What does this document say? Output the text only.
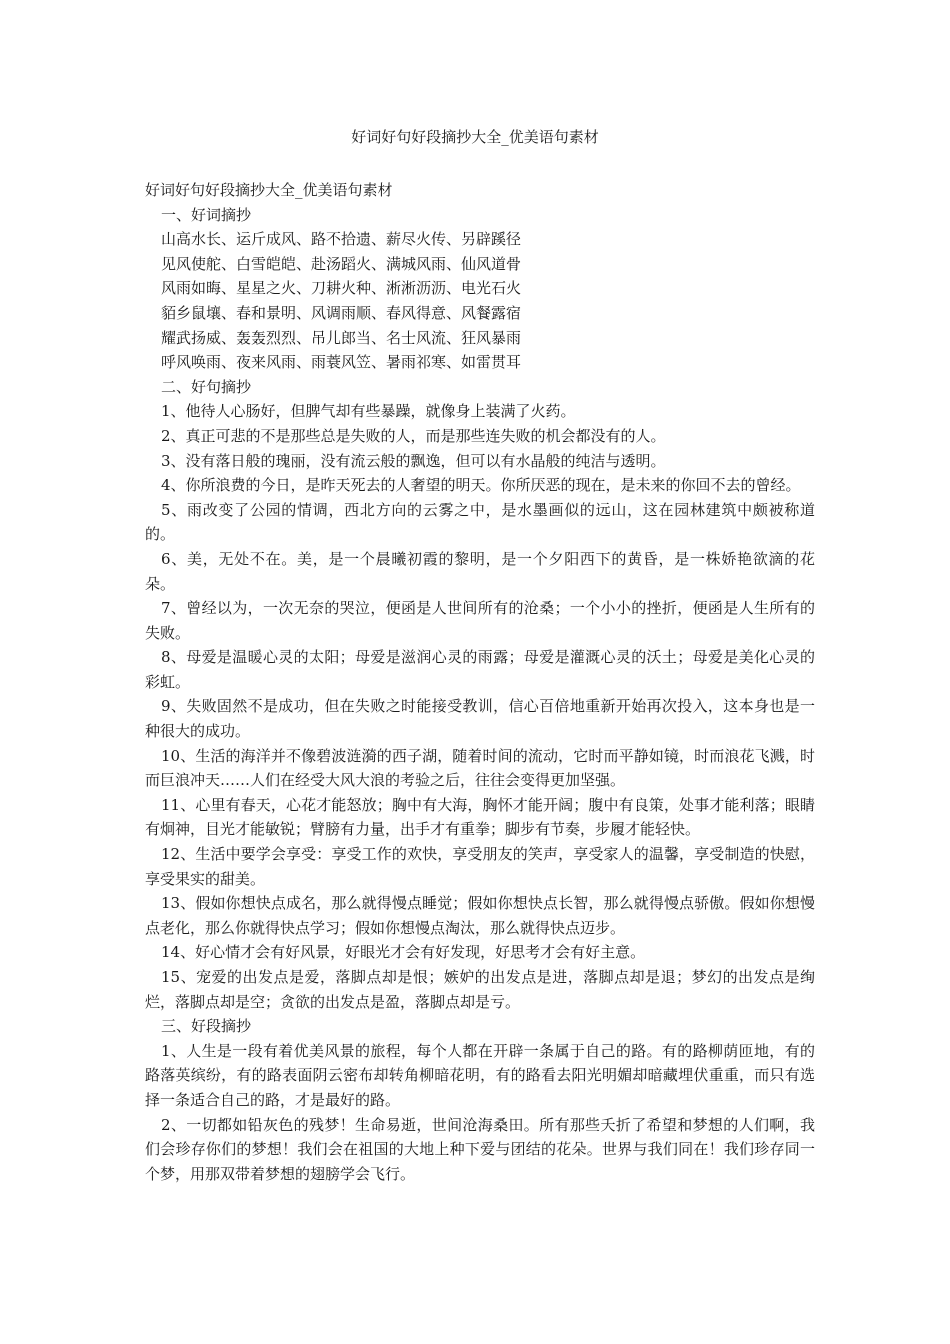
好词好句好段摘抄大全_优美语句素材

好词好句好段摘抄大全_优美语句素材

一、好词摘抄

山高水长、运斤成风、路不拾遗、薪尽火传、另辟蹊径

见风使舵、白雪皑皑、赴汤蹈火、满城风雨、仙风道骨

风雨如晦、星星之火、刀耕火种、淅淅沥沥、电光石火

貊乡鼠壤、春和景明、风调雨顺、春风得意、风餐露宿

耀武扬威、轰轰烈烈、吊儿郎当、名士风流、狂风暴雨

呼风唤雨、夜来风雨、雨蓑风笠、暑雨祁寒、如雷贯耳

二、好句摘抄

1、他待人心肠好，但脾气却有些暴躁，就像身上装满了火药。

2、真正可悲的不是那些总是失败的人，而是那些连失败的机会都没有的人。

3、没有落日般的瑰丽，没有流云般的飘逸，但可以有水晶般的纯洁与透明。

4、你所浪费的今日，是昨天死去的人奢望的明天。你所厌恶的现在，是未来的你回不去的曾经。

5、雨改变了公园的情调，西北方向的云雾之中，是水墨画似的远山，这在园林建筑中颇被称道的。

6、美，无处不在。美，是一个晨曦初霞的黎明，是一个夕阳西下的黄昏，是一株娇艳欲滴的花朵。

7、曾经以为，一次无奈的哭泣，便函是人世间所有的沧桑；一个小小的挫折，便函是人生所有的失败。

8、母爱是温暖心灵的太阳；母爱是滋润心灵的雨露；母爱是灌溉心灵的沃土；母爱是美化心灵的彩虹。

9、失败固然不是成功，但在失败之时能接受教训，信心百倍地重新开始再次投入，这本身也是一种很大的成功。

10、生活的海洋并不像碧波涟漪的西子湖，随着时间的流动，它时而平静如镜，时而浪花飞溅，时而巨浪冲天……人们在经受大风大浪的考验之后，往往会变得更加坚强。

11、心里有春天，心花才能怒放；胸中有大海，胸怀才能开阔；腹中有良策，处事才能利落；眼睛有炯神，目光才能敏锐；臂膀有力量，出手才有重拳；脚步有节奏，步履才能轻快。

12、生活中要学会享受：享受工作的欢快，享受朋友的笑声，享受家人的温馨，享受制造的快慰，享受果实的甜美。

13、假如你想快点成名，那么就得慢点睡觉；假如你想快点长智，那么就得慢点骄傲。假如你想慢点老化，那么你就得快点学习；假如你想慢点淘汰，那么就得快点迈步。

14、好心情才会有好风景，好眼光才会有好发现，好思考才会有好主意。

15、宠爱的出发点是爱，落脚点却是恨；嫉妒的出发点是进，落脚点却是退；梦幻的出发点是绚烂，落脚点却是空；贪欲的出发点是盈，落脚点却是亏。

三、好段摘抄

1、人生是一段有着优美风景的旅程，每个人都在开辟一条属于自己的路。有的路柳荫匝地，有的路落英缤纷，有的路表面阴云密布却转角柳暗花明，有的路看去阳光明媚却暗藏埋伏重重，而只有选择一条适合自己的路，才是最好的路。

2、一切都如铅灰色的残梦！生命易逝，世间沧海桑田。所有那些夭折了希望和梦想的人们啊，我们会珍存你们的梦想！我们会在祖国的大地上种下爱与团结的花朵。世界与我们同在！我们珍存同一个梦，用那双带着梦想的翅膀学会飞行。
